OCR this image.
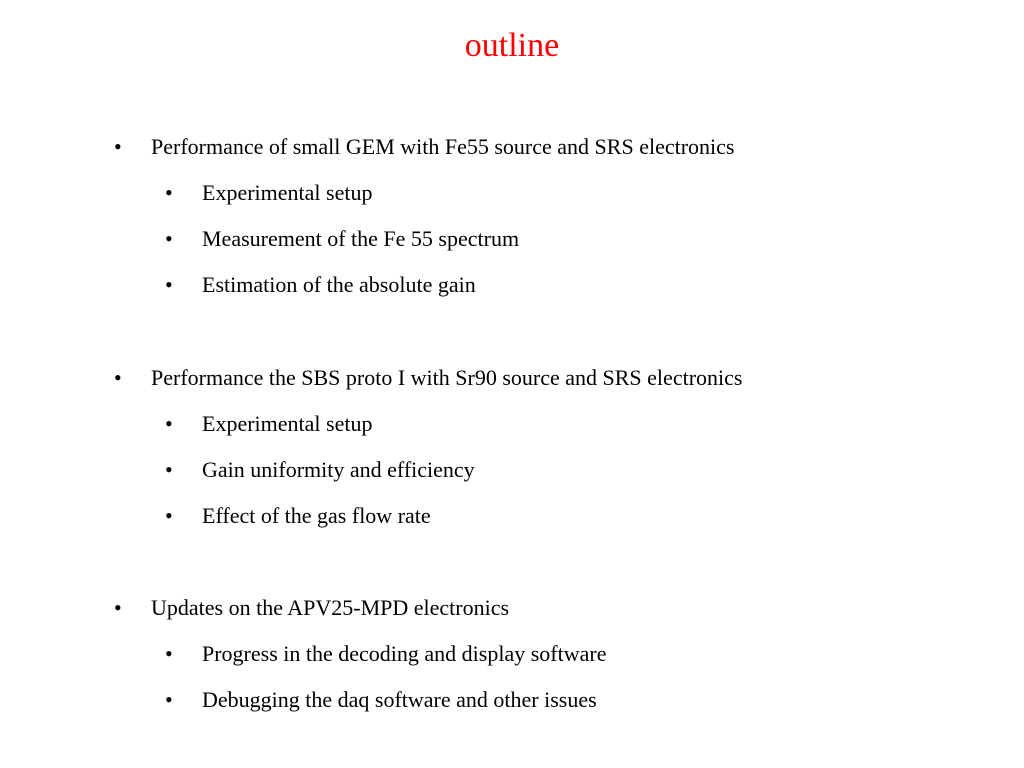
outline
• Performance of small GEM with Fe55 source and SRS electronics
• Experimental setup
• Measurement of the Fe 55 spectrum
• Estimation of the absolute gain
• Performance the SBS proto I with Sr90 source and SRS electronics
• Experimental setup
• Gain uniformity and efficiency
• Effect of the gas flow rate
• Updates on the APV25-MPD electronics
• Progress in the decoding and display software
• Debugging the daq software and other issues
